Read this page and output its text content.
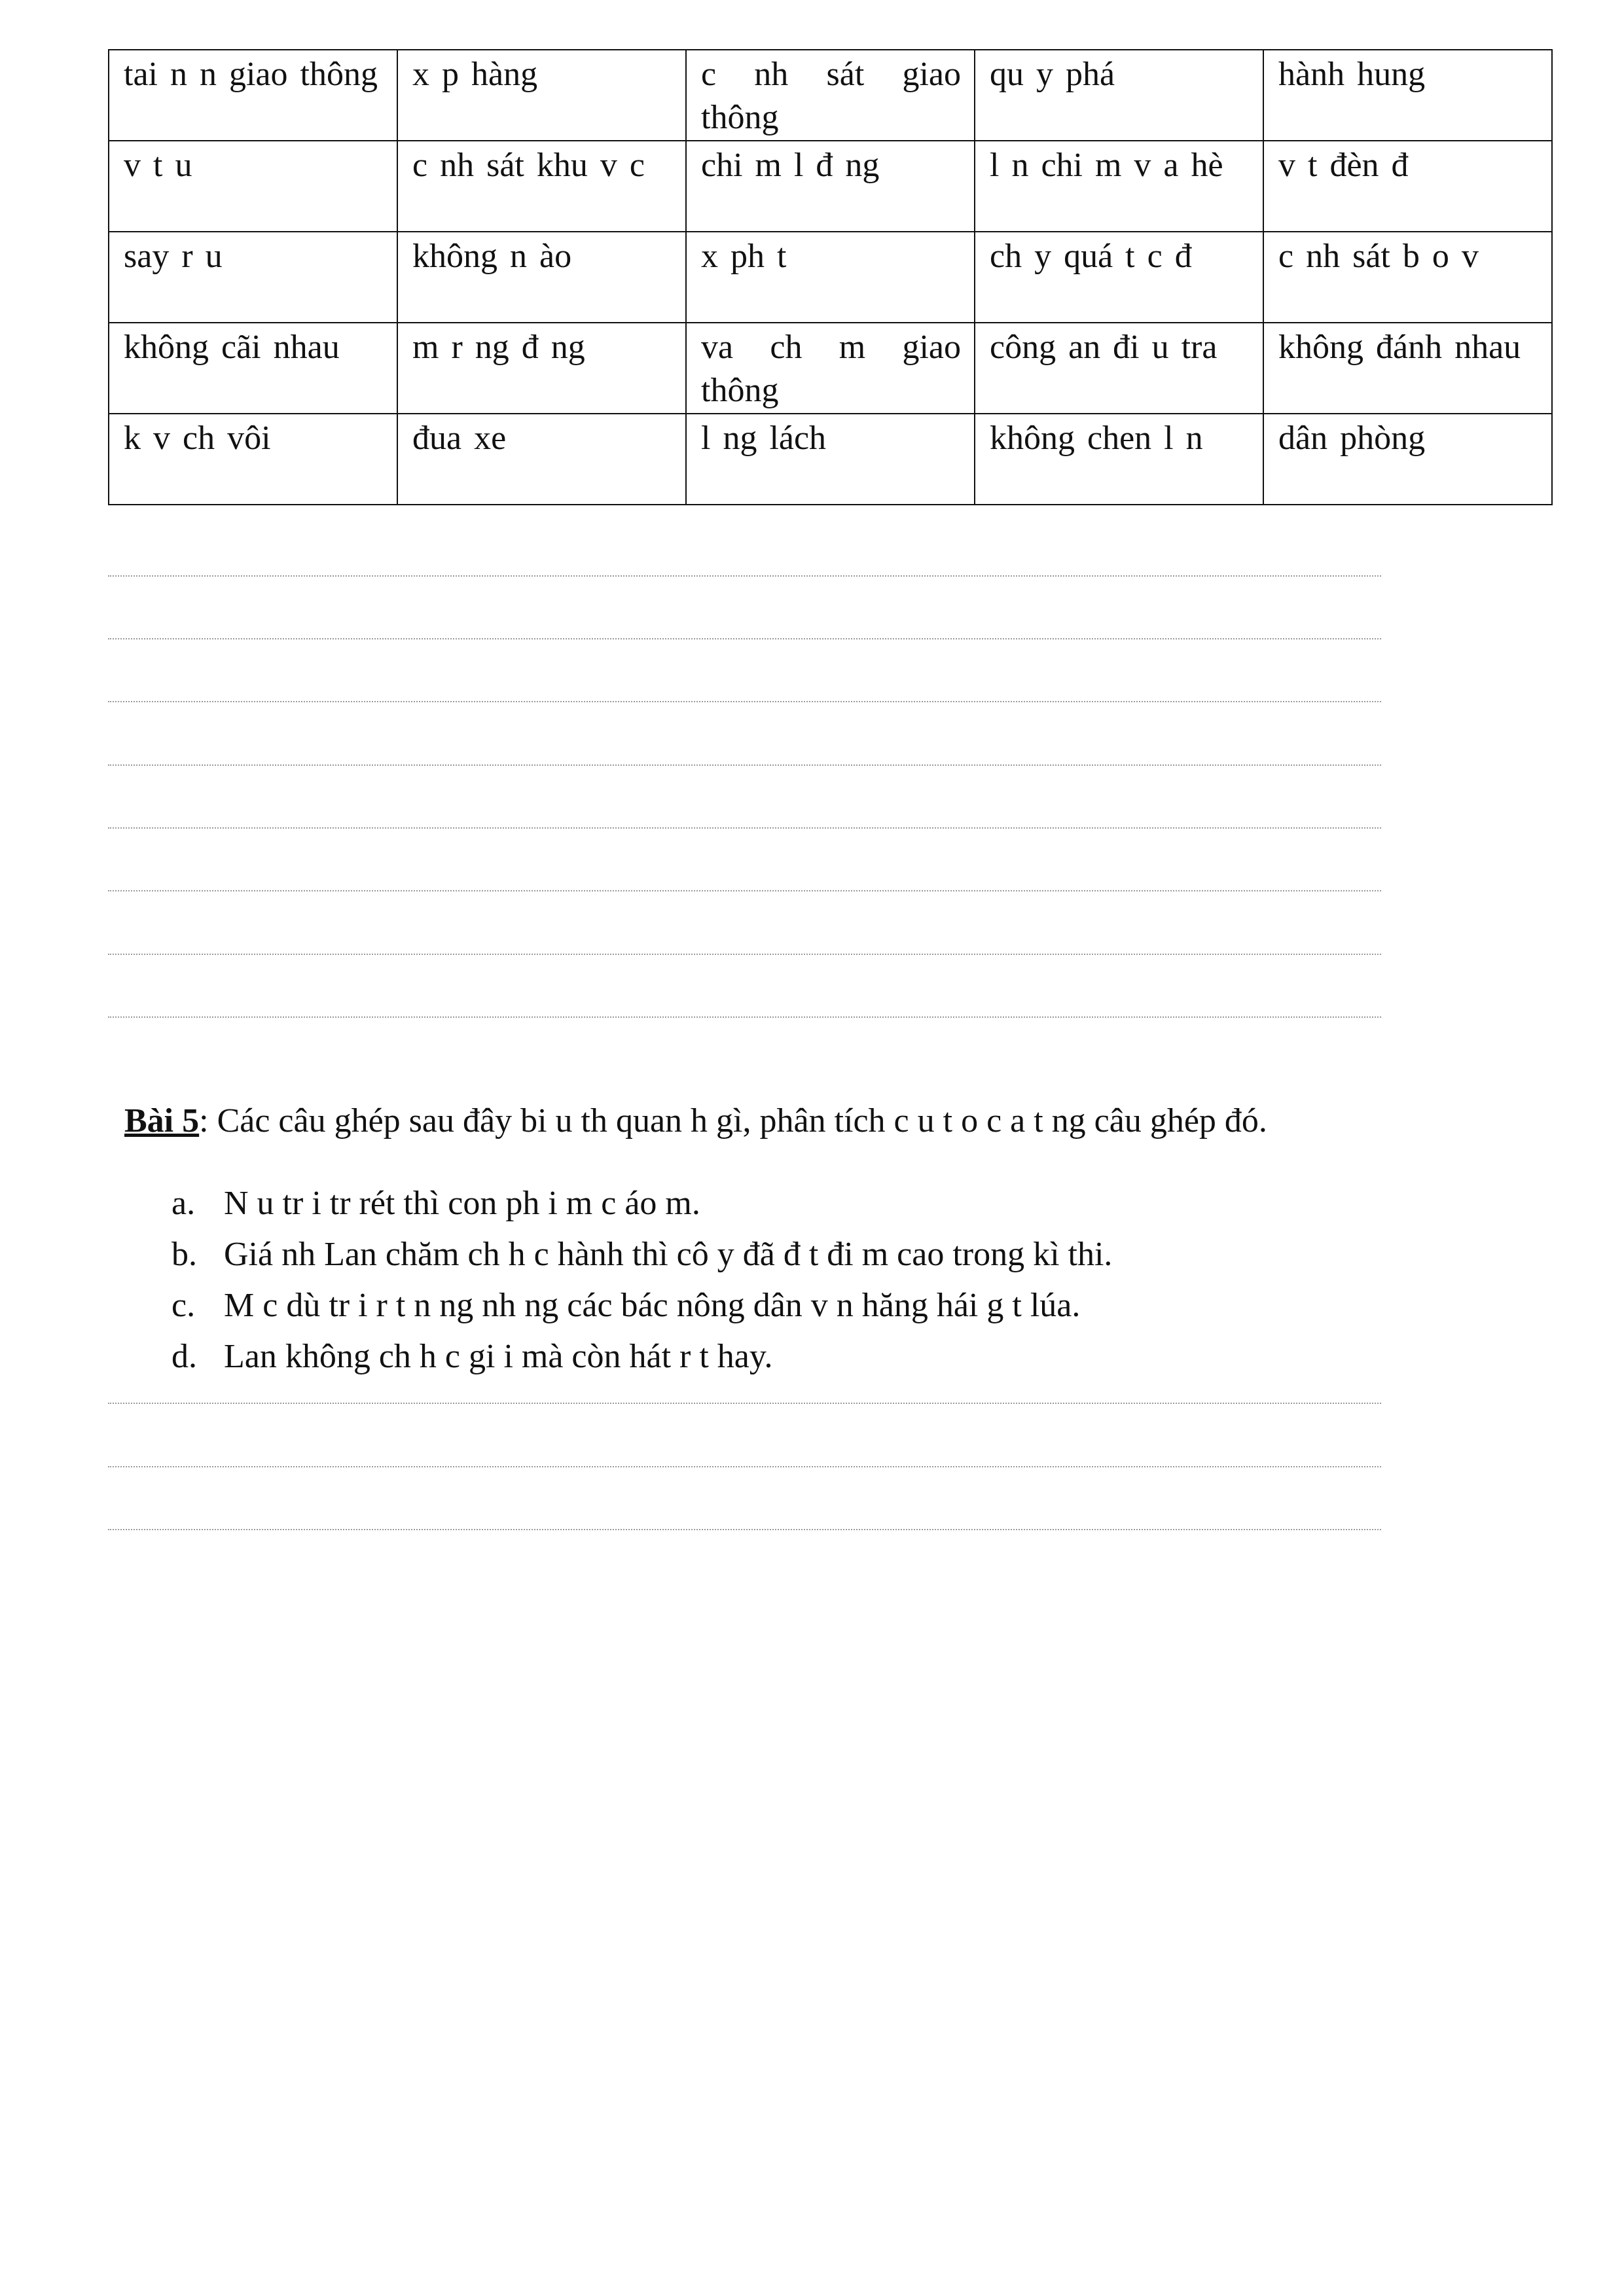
tai n n giao thông	x p hàng	c nh sát giao thông	qu y phá	hành hung
v t u	c nh sát khu v c	chi m l đ ng	l n chi m v a hè	v t đèn đ
say r u	không n ào	x ph t	ch y quá t c đ	c nh sát b o v
không cãi nhau	m r ng đ ng	va ch m giao thông	công an đi u tra	không đánh nhau
k v ch vôi	đua xe	l ng lách	không chen l n	dân phòng
Bài 5: Các câu ghép sau đây bi u th quan h gì, phân tích c u t o c a t ng câu ghép đó.
a. N u tr i tr rét thì con ph i m c áo m.
b. Giá nh Lan chăm ch h c hành thì cô y đã đ t đi m cao trong kì thi.
c. M c dù tr i r t n ng nh ng các bác nông dân v n hăng hái g t lúa.
d. Lan không ch h c gi i mà còn hát r t hay.
